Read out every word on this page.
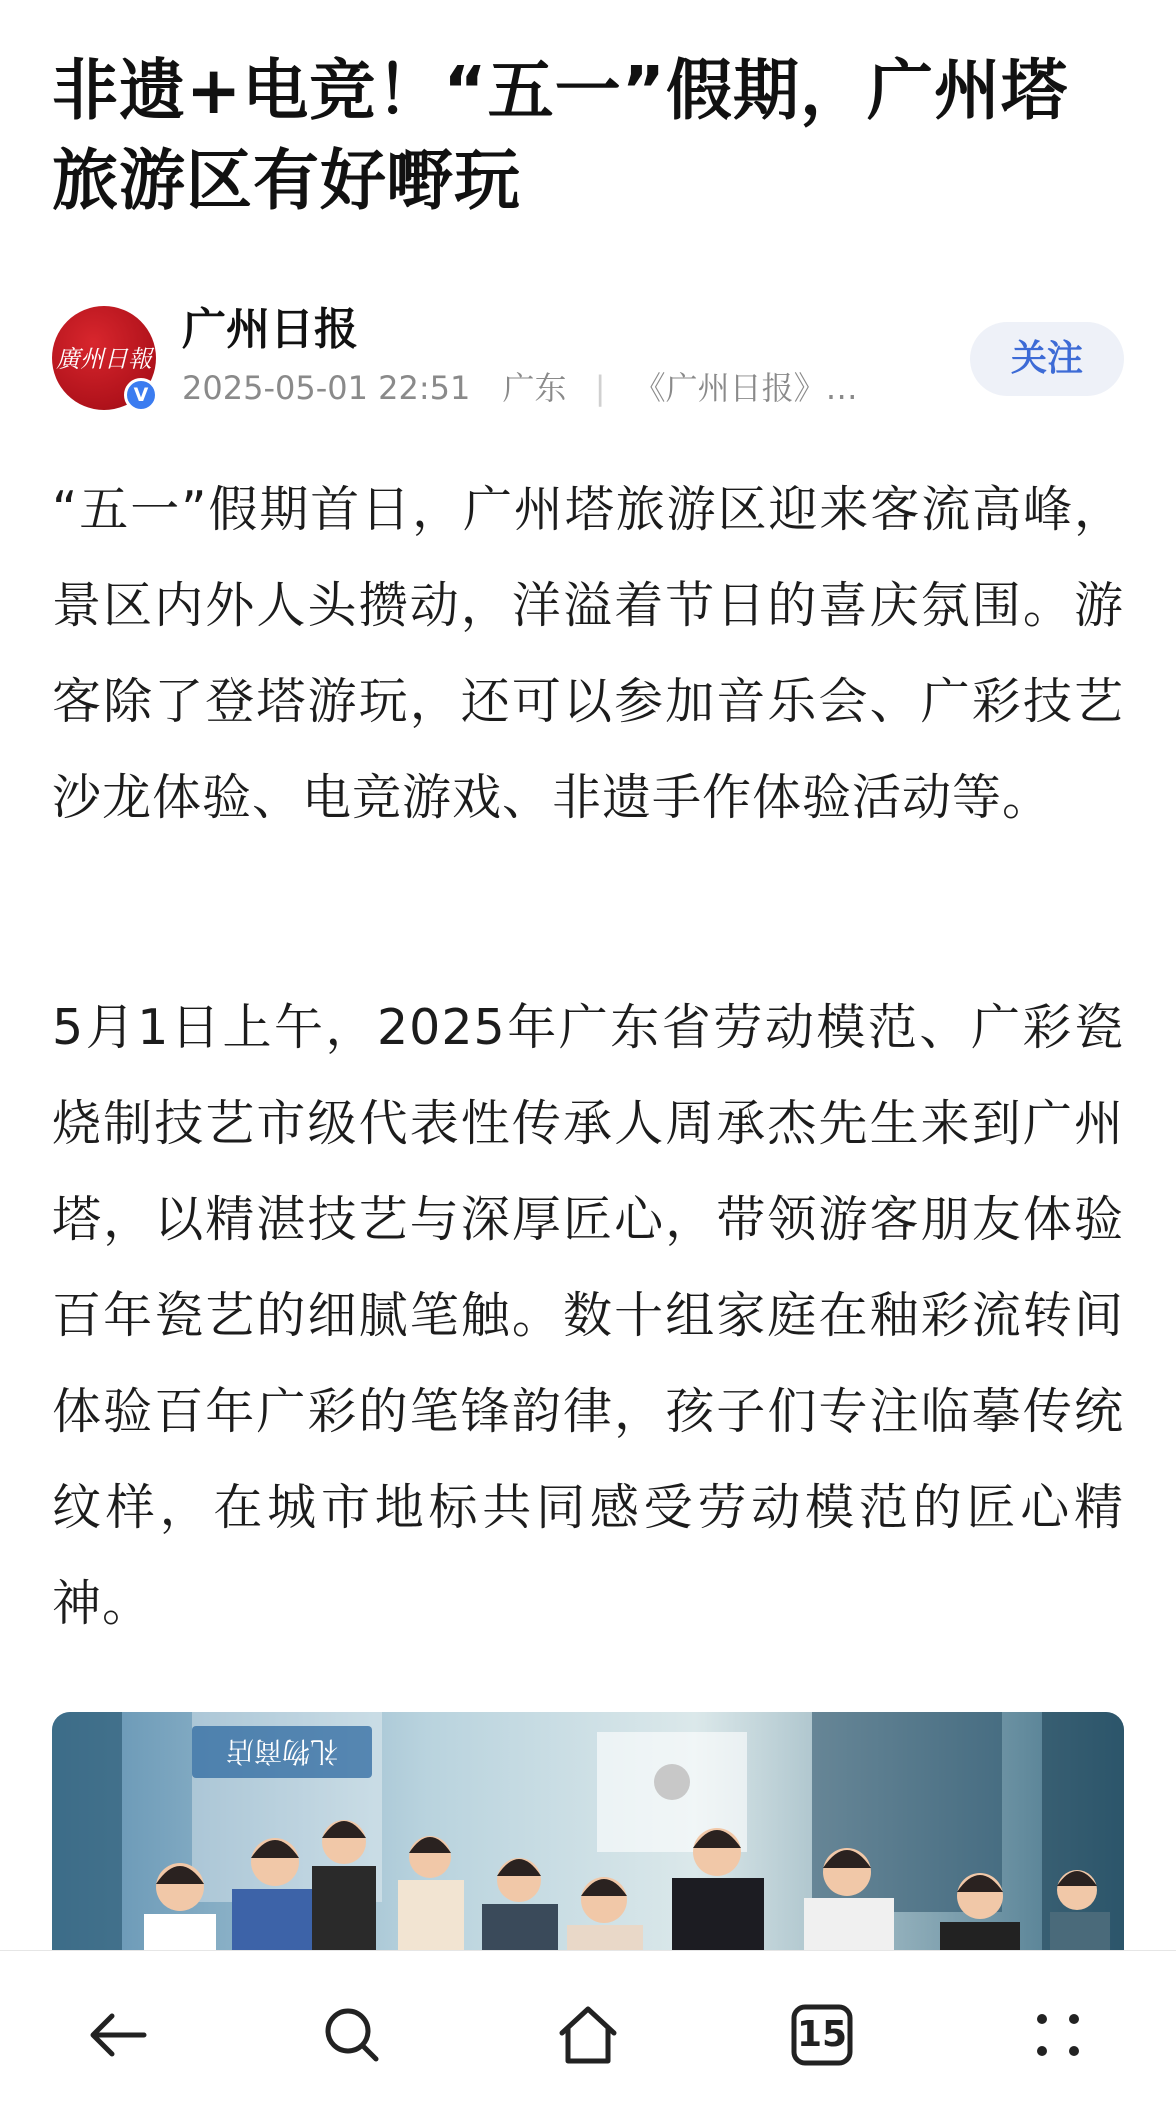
非遗+电竞！“五一”假期，广州塔旅游区有好嘢玩
廣州日報
V
广州日报
2025-05-01 22:51 广东 | 《广州日报》…
关注

“五一”假期首日，广州塔旅游区迎来客流高峰，景区内外人头攒动，洋溢着节日的喜庆氛围。游客除了登塔游玩，还可以参加音乐会、广彩技艺沙龙体验、电竞游戏、非遗手作体验活动等。

5月1日上午，2025年广东省劳动模范、广彩瓷烧制技艺市级代表性传承人周承杰先生来到广州塔，以精湛技艺与深厚匠心，带领游客朋友体验百年瓷艺的细腻笔触。数十组家庭在釉彩流转间体验百年广彩的笔锋韵律，孩子们专注临摹传统纹样，在城市地标共同感受劳动模范的匠心精神。

礼物商店
15
